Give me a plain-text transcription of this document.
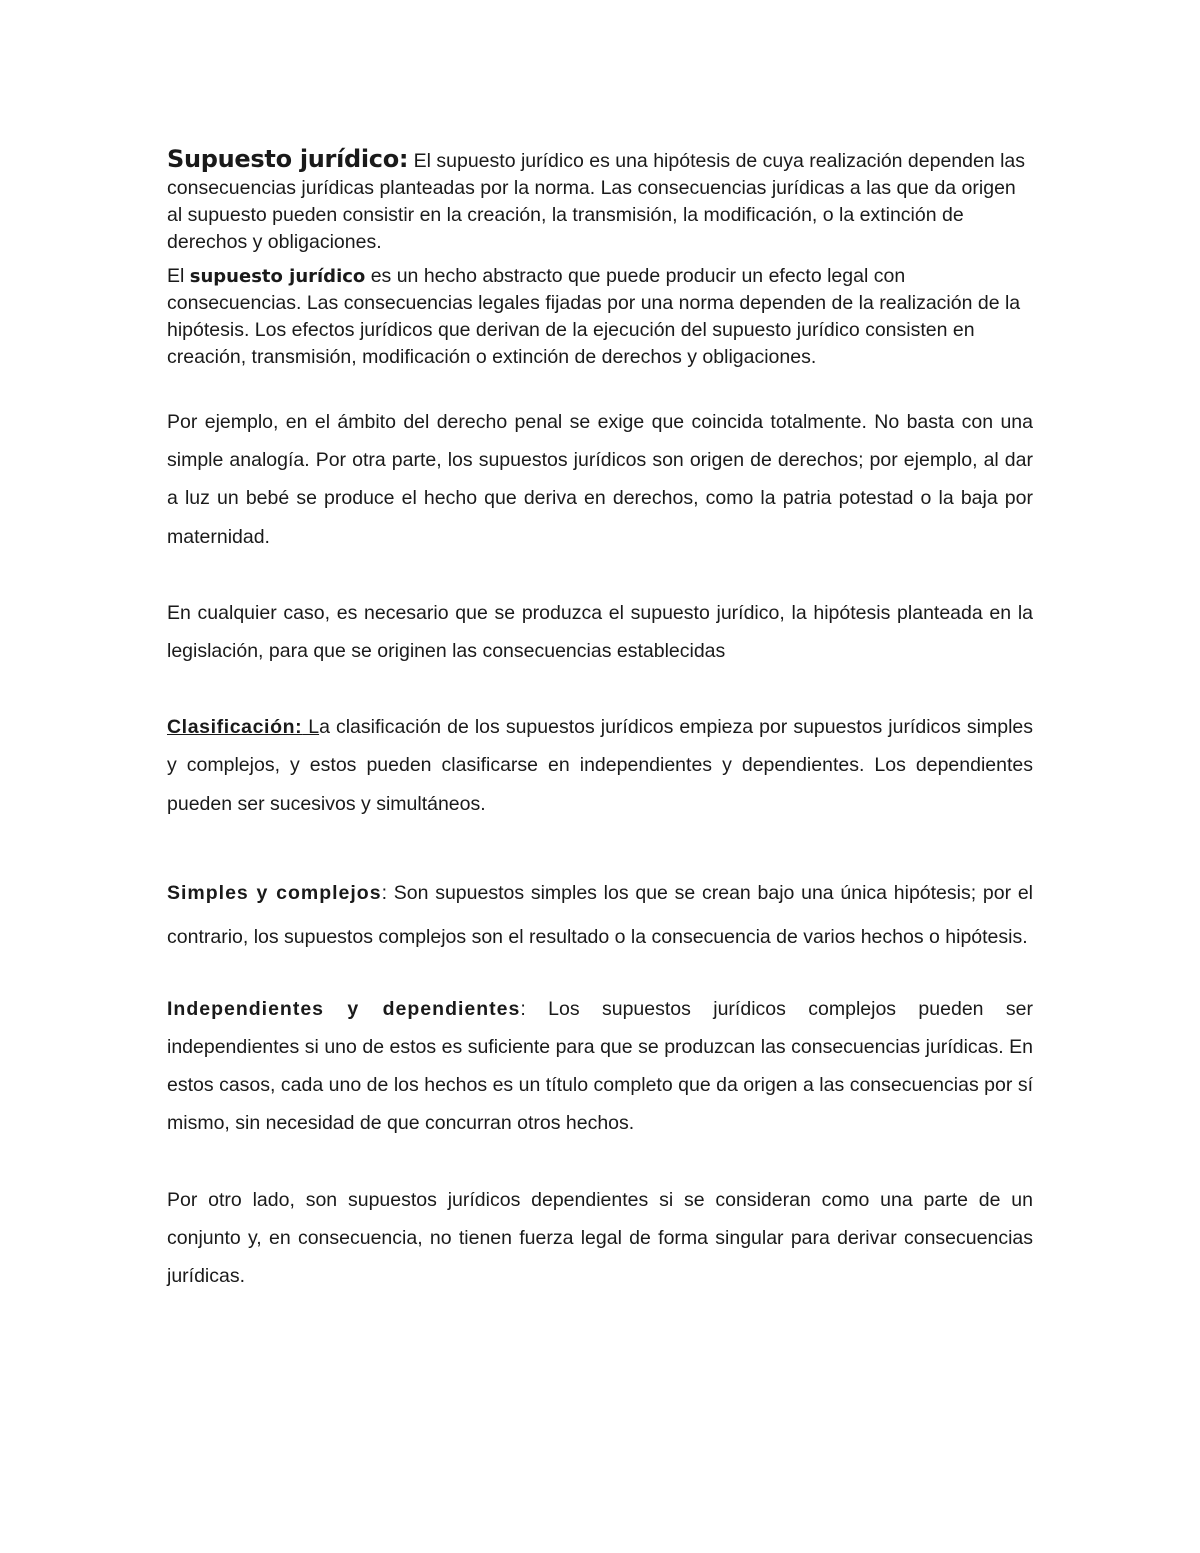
Supuesto jurídico: El supuesto jurídico es una hipótesis de cuya realización dependen las consecuencias jurídicas planteadas por la norma. Las consecuencias jurídicas a las que da origen al supuesto pueden consistir en la creación, la transmisión, la modificación, o la extinción de derechos y obligaciones.

El supuesto jurídico es un hecho abstracto que puede producir un efecto legal con consecuencias. Las consecuencias legales fijadas por una norma dependen de la realización de la hipótesis. Los efectos jurídicos que derivan de la ejecución del supuesto jurídico consisten en creación, transmisión, modificación o extinción de derechos y obligaciones.

Por ejemplo, en el ámbito del derecho penal se exige que coincida totalmente. No basta con una simple analogía. Por otra parte, los supuestos jurídicos son origen de derechos; por ejemplo, al dar a luz un bebé se produce el hecho que deriva en derechos, como la patria potestad o la baja por maternidad.

En cualquier caso, es necesario que se produzca el supuesto jurídico, la hipótesis planteada en la legislación, para que se originen las consecuencias establecidas

Clasificación: La clasificación de los supuestos jurídicos empieza por supuestos jurídicos simples y complejos, y estos pueden clasificarse en independientes y dependientes. Los dependientes pueden ser sucesivos y simultáneos.

Simples y complejos: Son supuestos simples los que se crean bajo una única hipótesis; por el contrario, los supuestos complejos son el resultado o la consecuencia de varios hechos o hipótesis.

Independientes y dependientes: Los supuestos jurídicos complejos pueden ser independientes si uno de estos es suficiente para que se produzcan las consecuencias jurídicas. En estos casos, cada uno de los hechos es un título completo que da origen a las consecuencias por sí mismo, sin necesidad de que concurran otros hechos.

Por otro lado, son supuestos jurídicos dependientes si se consideran como una parte de un conjunto y, en consecuencia, no tienen fuerza legal de forma singular para derivar consecuencias jurídicas.
